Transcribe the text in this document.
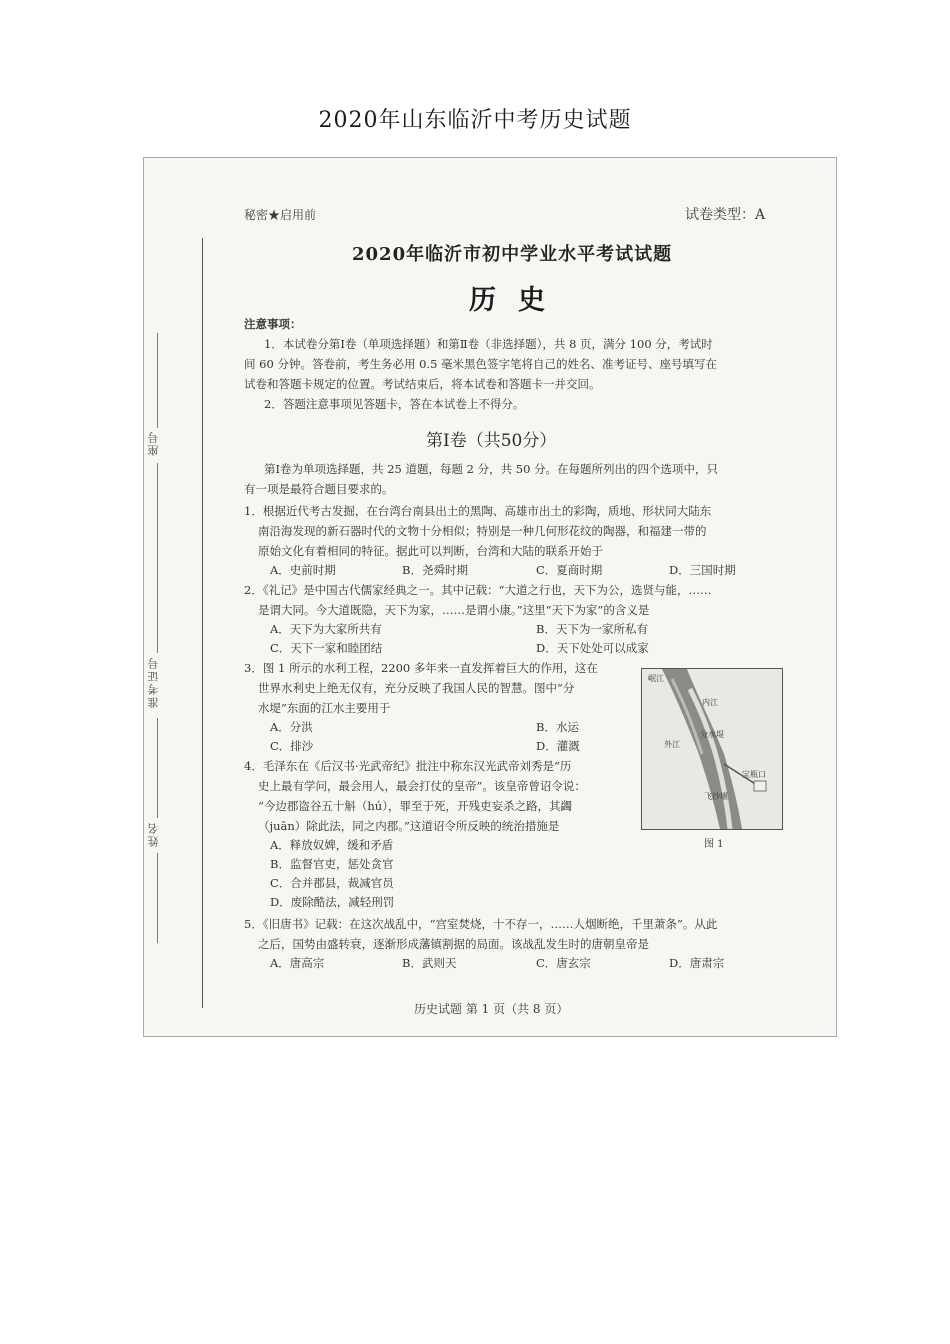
2020年山东临沂中考历史试题
座号
准考证号
姓名
秘密★启用前	试卷类型：A
2020年临沂市初中学业水平考试试题
历史
注意事项：
1．本试卷分第Ⅰ卷（单项选择题）和第Ⅱ卷（非选择题），共 8 页，满分 100 分，考试时
间 60 分钟。答卷前，考生务必用 0.5 毫米黑色签字笔将自己的姓名、准考证号、座号填写在
试卷和答题卡规定的位置。考试结束后，将本试卷和答题卡一并交回。
2．答题注意事项见答题卡，答在本试卷上不得分。
第Ⅰ卷（共50分）
第Ⅰ卷为单项选择题，共 25 道题，每题 2 分，共 50 分。在每题所列出的四个选项中，只
有一项是最符合题目要求的。
1．根据近代考古发掘，在台湾台南县出土的黑陶、高雄市出土的彩陶，质地、形状同大陆东
南沿海发现的新石器时代的文物十分相似；特别是一种几何形花纹的陶器，和福建一带的
原始文化有着相同的特征。据此可以判断，台湾和大陆的联系开始于
A．史前时期	B．尧舜时期	C．夏商时期	D．三国时期
2．《礼记》是中国古代儒家经典之一。其中记载：“大道之行也，天下为公，选贤与能，……
是谓大同。今大道既隐，天下为家，……是谓小康。”这里“天下为家”的含义是
A．天下为大家所共有	B．天下为一家所私有
C．天下一家和睦团结	D．天下处处可以成家
3．图 1 所示的水利工程，2200 多年来一直发挥着巨大的作用，这在
世界水利史上绝无仅有，充分反映了我国人民的智慧。图中“分
水堤”东面的江水主要用于
A．分洪	B．水运
C．排沙	D．灌溉
岷江
内江
外江
分水堤
宝瓶口
飞沙堰
图 1
4．毛泽东在《后汉书·光武帝纪》批注中称东汉光武帝刘秀是“历
史上最有学问，最会用人，最会打仗的皇帝”。该皇帝曾诏令说：
“今边郡盗谷五十斛（hú），罪至于死，开残吏妄杀之路，其蠲
（juān）除此法，同之内郡。”这道诏令所反映的统治措施是
A．释放奴婢，缓和矛盾
B．监督官吏，惩处贪官
C．合并郡县，裁减官员
D．废除酷法，减轻刑罚
5．《旧唐书》记载：在这次战乱中，“宫室焚烧，十不存一，……人烟断绝，千里萧条”。从此
之后，国势由盛转衰，逐渐形成藩镇割据的局面。该战乱发生时的唐朝皇帝是
A．唐高宗	B．武则天	C．唐玄宗	D．唐肃宗
历史试题 第 1 页（共 8 页）
